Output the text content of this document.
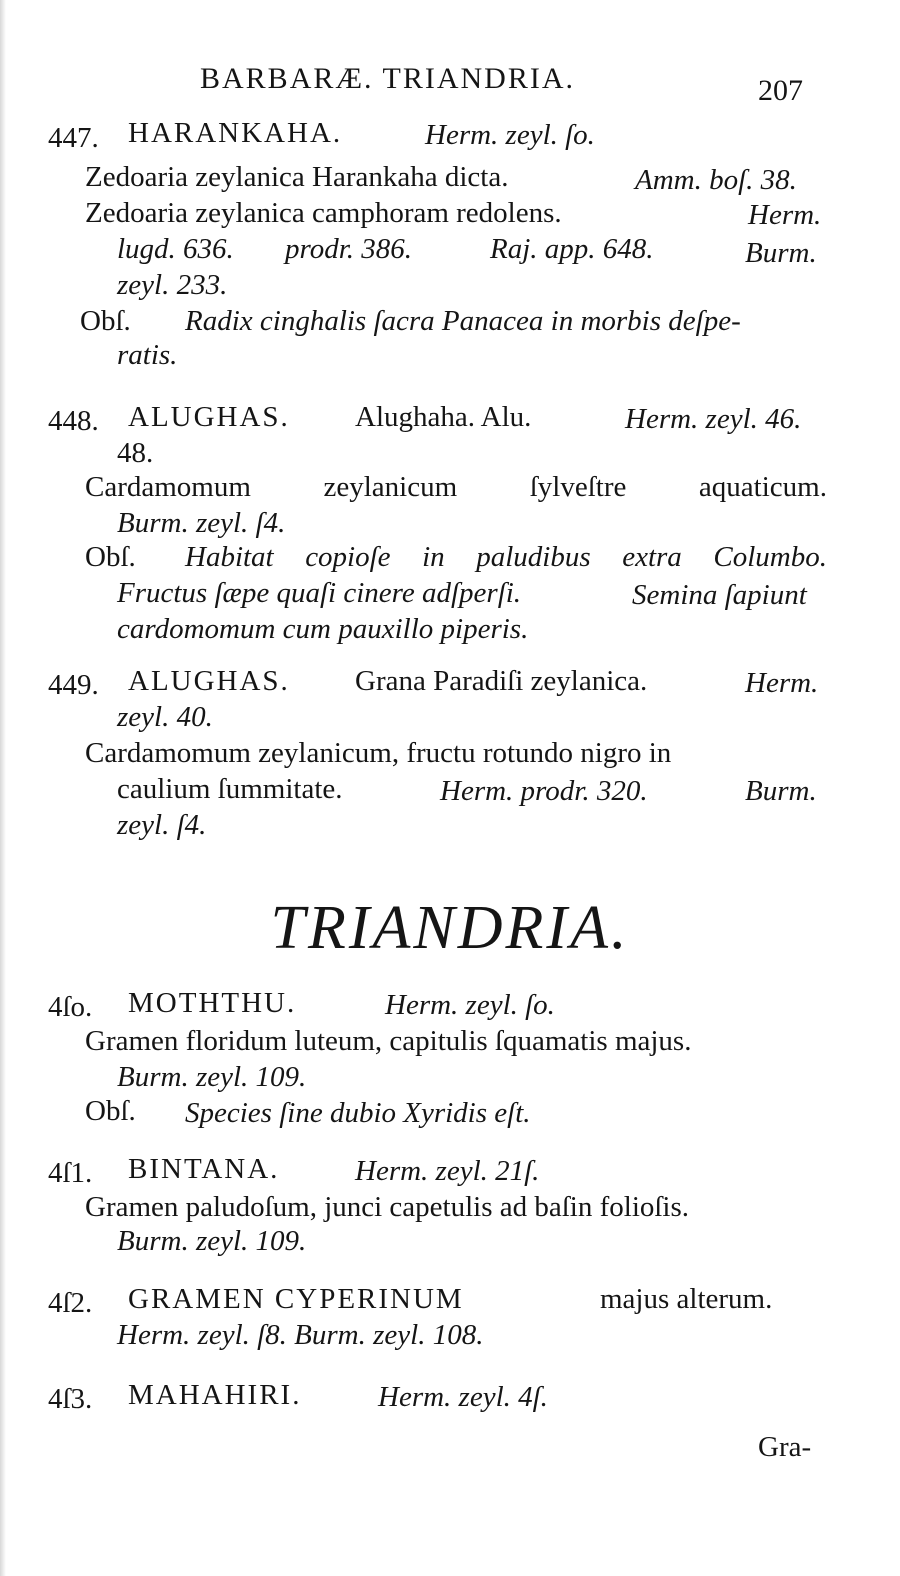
BARBARÆ. TRIANDRIA.	207
447. HARANKAHA.	Herm. zeyl. ſo.
Zedoaria zeylanica Harankaha dicta.	Amm. boſ. 38.
Zedoaria zeylanica camphoram redolens.	Herm.
lugd. 636. prodr. 386.	Raj. app. 648.	Burm.
zeyl. 233.
Obſ. Radix cinghalis ſacra Panacea in morbis deſpe-
ratis.
448. ALUGHAS. Alughaha. Alu.	Herm. zeyl. 46.
48.
Cardamomum	zeylanicum	ſylveſtre	aquaticum.
Burm. zeyl. ſ4.
Obſ. Habitat copioſe in paludibus extra Columbo.
Fructus ſæpe quaſi cinere adſperſi.	Semina ſapiunt
cardomomum cum pauxillo piperis.
449. ALUGHAS. Grana Paradiſi zeylanica.	Herm.
zeyl. 40.
Cardamomum zeylanicum, fructu rotundo nigro in
caulium ſummitate.	Herm. prodr. 320.	Burm.
zeyl. ſ4.
TRIANDRIA.
4ſo. MOTHTHU.	Herm. zeyl. ſo.
Gramen floridum luteum, capitulis ſquamatis majus.
Burm. zeyl. 109.
Obſ. Species ſine dubio Xyridis eſt.
4ſ1. BINTANA.	Herm. zeyl. 21ſ.
Gramen paludoſum, junci capetulis ad baſin folioſis.
Burm. zeyl. 109.
4ſ2. GRAMEN CYPERINUM	majus alterum.
Herm. zeyl. ſ8. Burm. zeyl. 108.
4ſ3. MAHAHIRI.	Herm. zeyl. 4ſ.
Gra-
